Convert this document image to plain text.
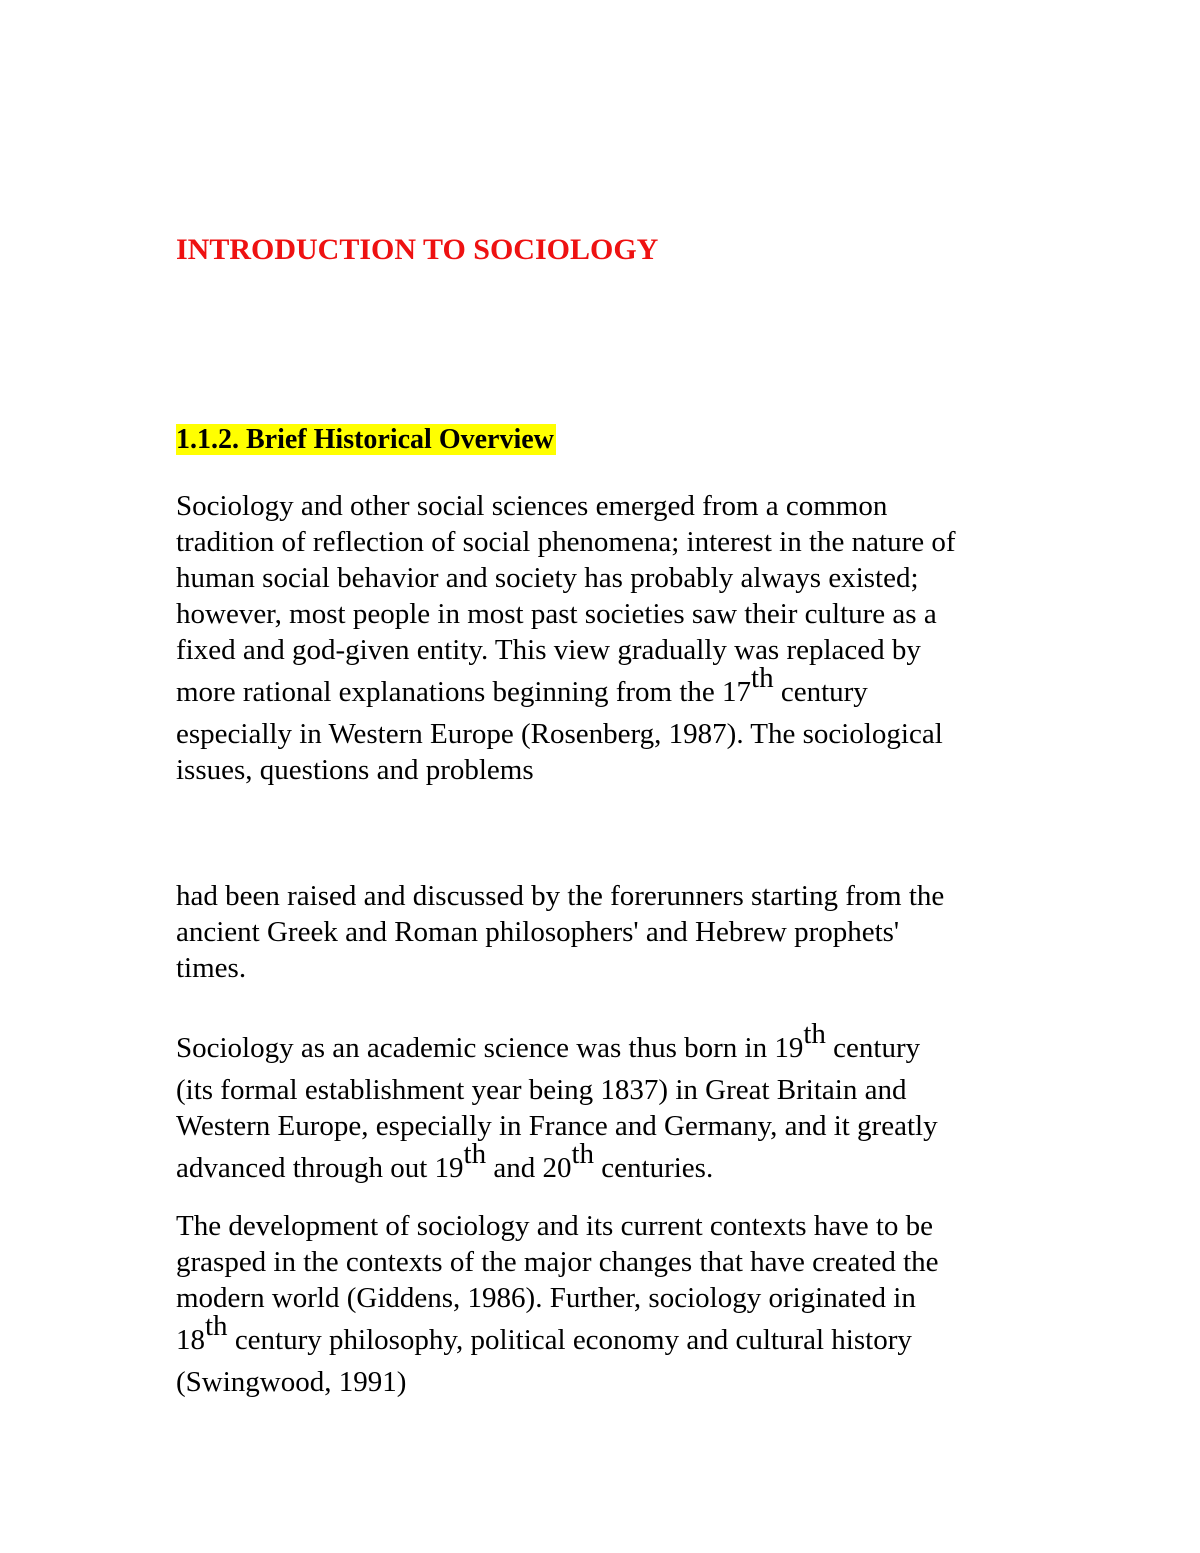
INTRODUCTION TO SOCIOLOGY
1.1.2. Brief Historical Overview

Sociology and other social sciences emerged from a common
tradition of reflection of social phenomena; interest in the nature of
human social behavior and society has probably always existed;
however, most people in most past societies saw their culture as a
fixed and god-given entity. This view gradually was replaced by
more rational explanations beginning from the 17th century
especially in Western Europe (Rosenberg, 1987). The sociological
issues, questions and problems

had been raised and discussed by the forerunners starting from the
ancient Greek and Roman philosophers' and Hebrew prophets'
times.

Sociology as an academic science was thus born in 19th century
(its formal establishment year being 1837) in Great Britain and
Western Europe, especially in France and Germany, and it greatly
advanced through out 19th and 20th centuries.

The development of sociology and its current contexts have to be
grasped in the contexts of the major changes that have created the
modern world (Giddens, 1986). Further, sociology originated in
18th century philosophy, political economy and cultural history
(Swingwood, 1991)
